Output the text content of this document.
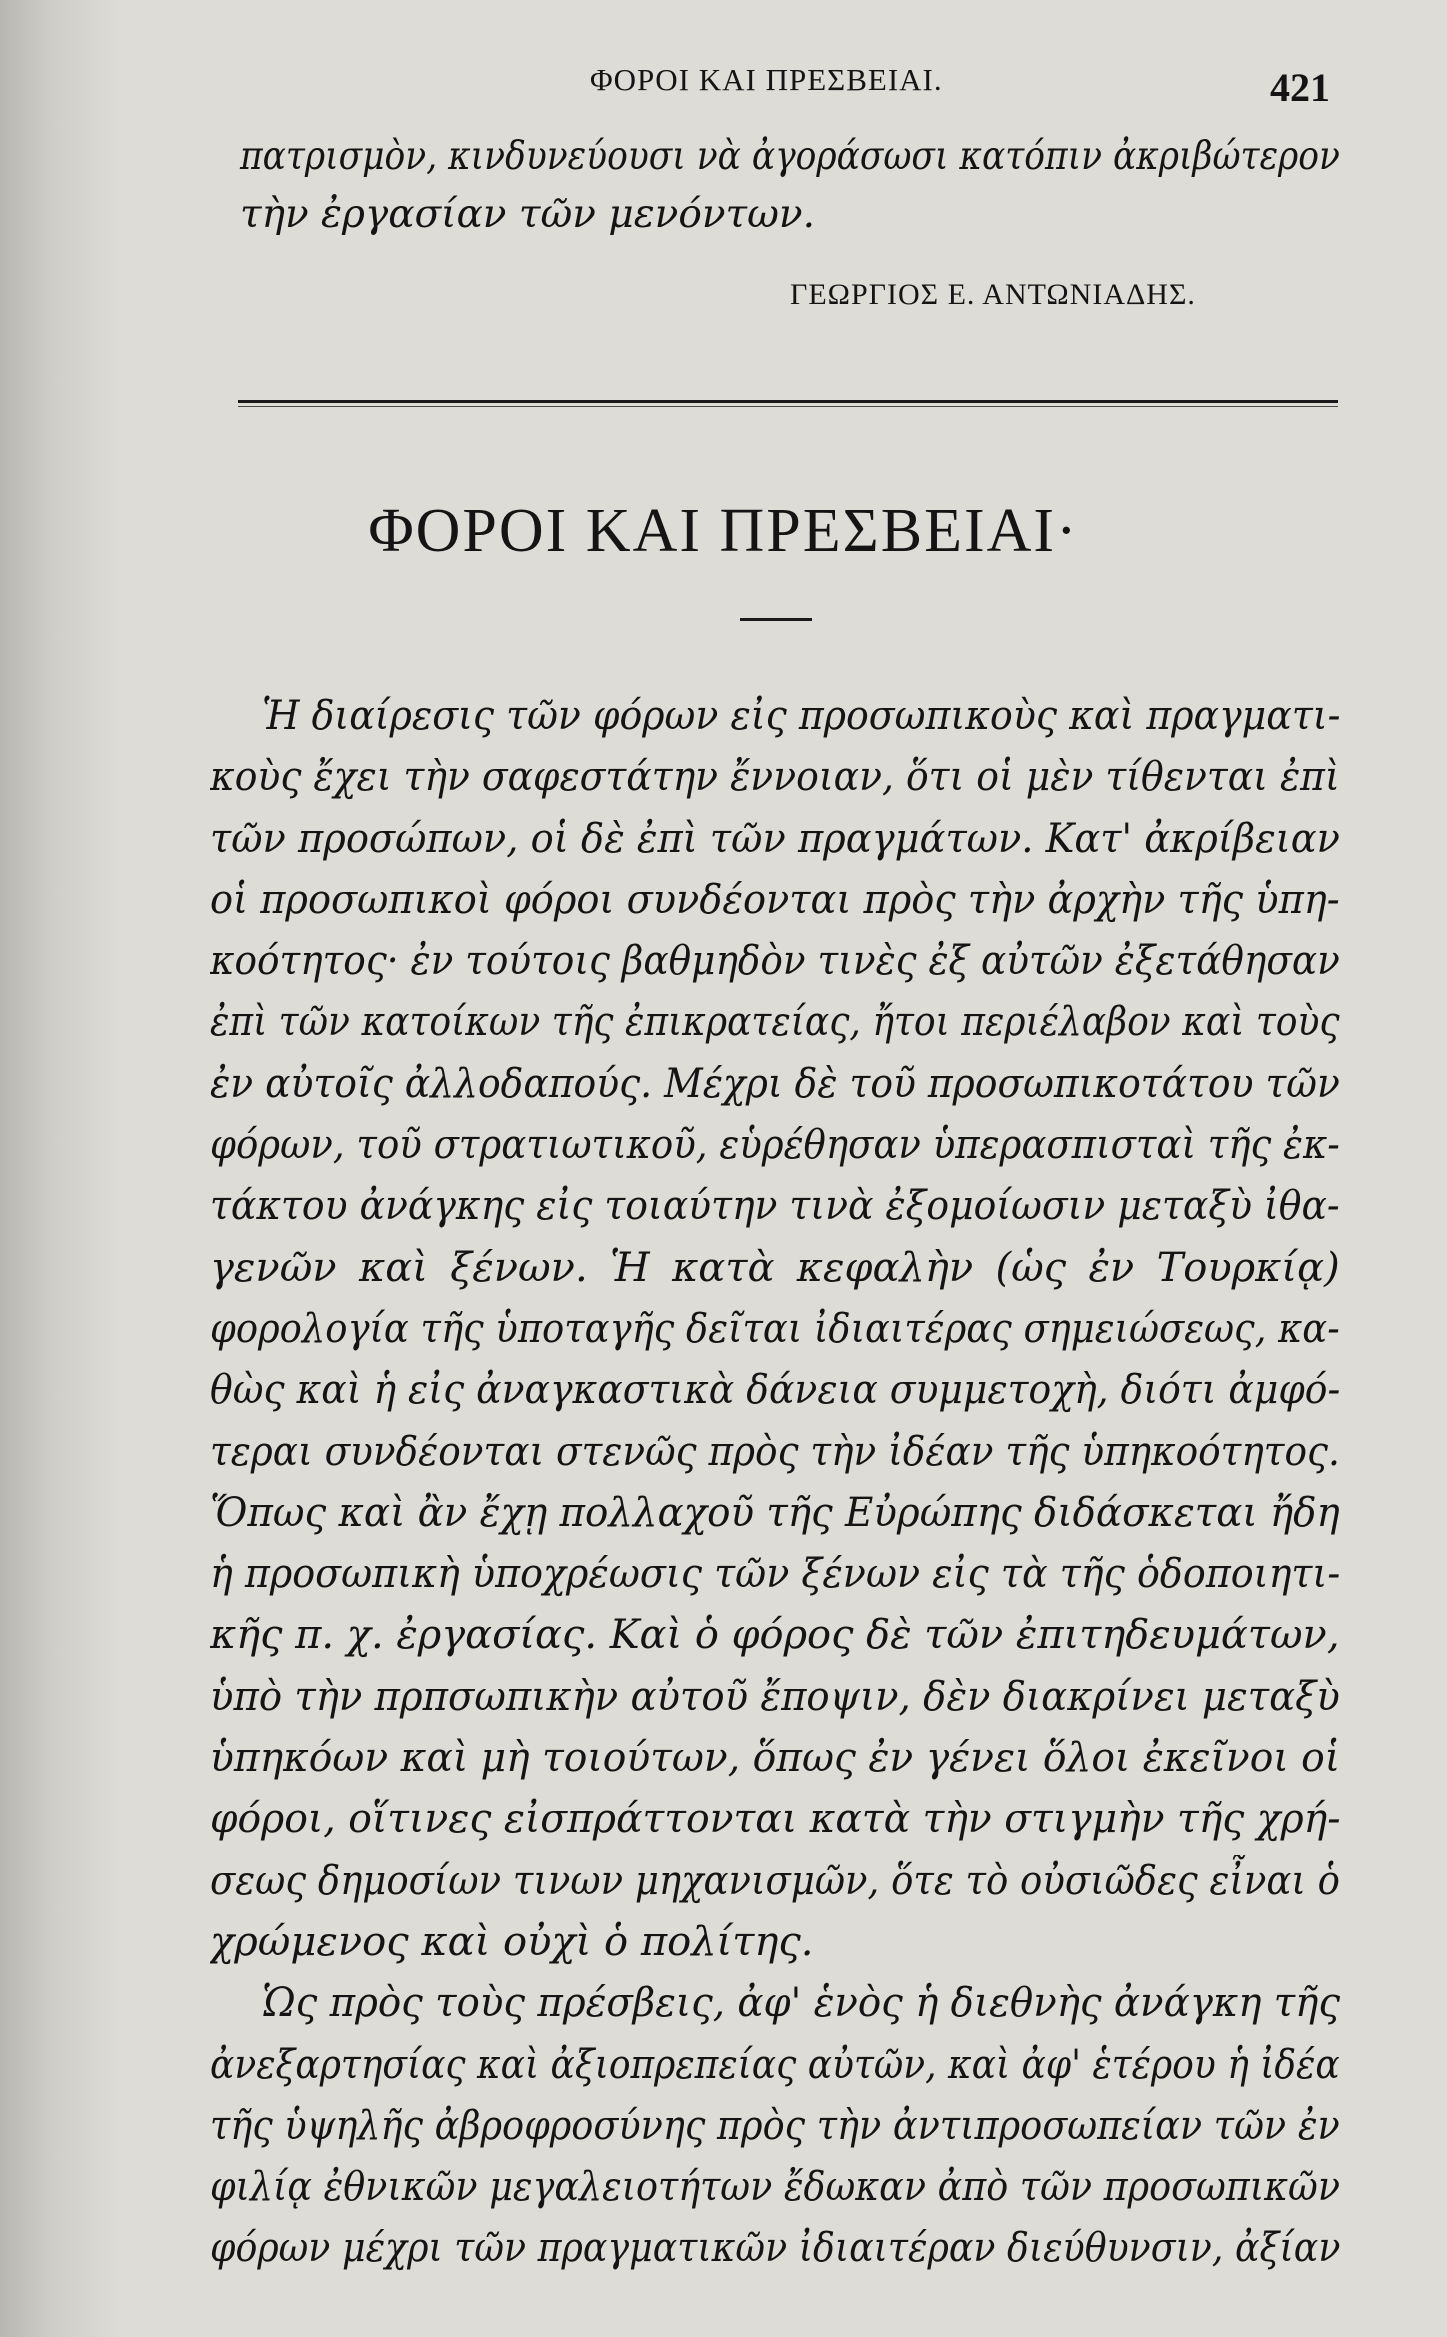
ΦΟΡΟΙ ΚΑΙ ΠΡΕΣΒΕΙΑΙ.	421
πατρισμὸν, κινδυνεύουσι νὰ ἀγοράσωσι κατόπιν ἀκριβώτερον
τὴν ἐργασίαν τῶν μενόντων.
ΓΕΩΡΓΙΟΣ Ε. ΑΝΤΩΝΙΑΔΗΣ.
ΦΟΡΟΙ ΚΑΙ ΠΡΕΣΒΕΙΑΙ·
Ἡ διαίρεσις τῶν φόρων εἰς προσωπικοὺς καὶ πραγματι-
κοὺς ἔχει τὴν σαφεστάτην ἔννοιαν, ὅτι οἱ μὲν τίθενται ἐπὶ
τῶν προσώπων, οἱ δὲ ἐπὶ τῶν πραγμάτων. Κατ' ἀκρίβειαν
οἱ προσωπικοὶ φόροι συνδέονται πρὸς τὴν ἀρχὴν τῆς ὑπη-
κοότητος· ἐν τούτοις βαθμηδὸν τινὲς ἐξ αὐτῶν ἐξετάθησαν
ἐπὶ τῶν κατοίκων τῆς ἐπικρατείας, ἤτοι περιέλαβον καὶ τοὺς
ἐν αὐτοῖς ἀλλοδαπούς. Μέχρι δὲ τοῦ προσωπικοτάτου τῶν
φόρων, τοῦ στρατιωτικοῦ, εὑρέθησαν ὑπερασπισταὶ τῆς ἐκ-
τάκτου ἀνάγκης εἰς τοιαύτην τινὰ ἐξομοίωσιν μεταξὺ ἰθα-
γενῶν καὶ ξένων. Ἡ κατὰ κεφαλὴν (ὡς ἐν Τουρκίᾳ)
φορολογία τῆς ὑποταγῆς δεῖται ἰδιαιτέρας σημειώσεως, κα-
θὼς καὶ ἡ εἰς ἀναγκαστικὰ δάνεια συμμετοχὴ, διότι ἀμφό-
τεραι συνδέονται στενῶς πρὸς τὴν ἰδέαν τῆς ὑπηκοότητος.
Ὅπως καὶ ἂν ἔχῃ πολλαχοῦ τῆς Εὐρώπης διδάσκεται ἤδη
ἡ προσωπικὴ ὑποχρέωσις τῶν ξένων εἰς τὰ τῆς ὁδοποιητι-
κῆς π. χ. ἐργασίας. Καὶ ὁ φόρος δὲ τῶν ἐπιτηδευμάτων,
ὑπὸ τὴν πρπσωπικὴν αὐτοῦ ἔποψιν, δὲν διακρίνει μεταξὺ
ὑπηκόων καὶ μὴ τοιούτων, ὅπως ἐν γένει ὅλοι ἐκεῖνοι οἱ
φόροι, οἵτινες εἰσπράττονται κατὰ τὴν στιγμὴν τῆς χρή-
σεως δημοσίων τινων μηχανισμῶν, ὅτε τὸ οὐσιῶδες εἶναι ὁ
χρώμενος καὶ οὐχὶ ὁ πολίτης.
Ὡς πρὸς τοὺς πρέσβεις, ἀφ' ἑνὸς ἡ διεθνὴς ἀνάγκη τῆς
ἀνεξαρτησίας καὶ ἀξιοπρεπείας αὐτῶν, καὶ ἀφ' ἑτέρου ἡ ἰδέα
τῆς ὑψηλῆς ἀβροφροσύνης πρὸς τὴν ἀντιπροσωπείαν τῶν ἐν
φιλίᾳ ἐθνικῶν μεγαλειοτήτων ἔδωκαν ἀπὸ τῶν προσωπικῶν
φόρων μέχρι τῶν πραγματικῶν ἰδιαιτέραν διεύθυνσιν, ἀξίαν
